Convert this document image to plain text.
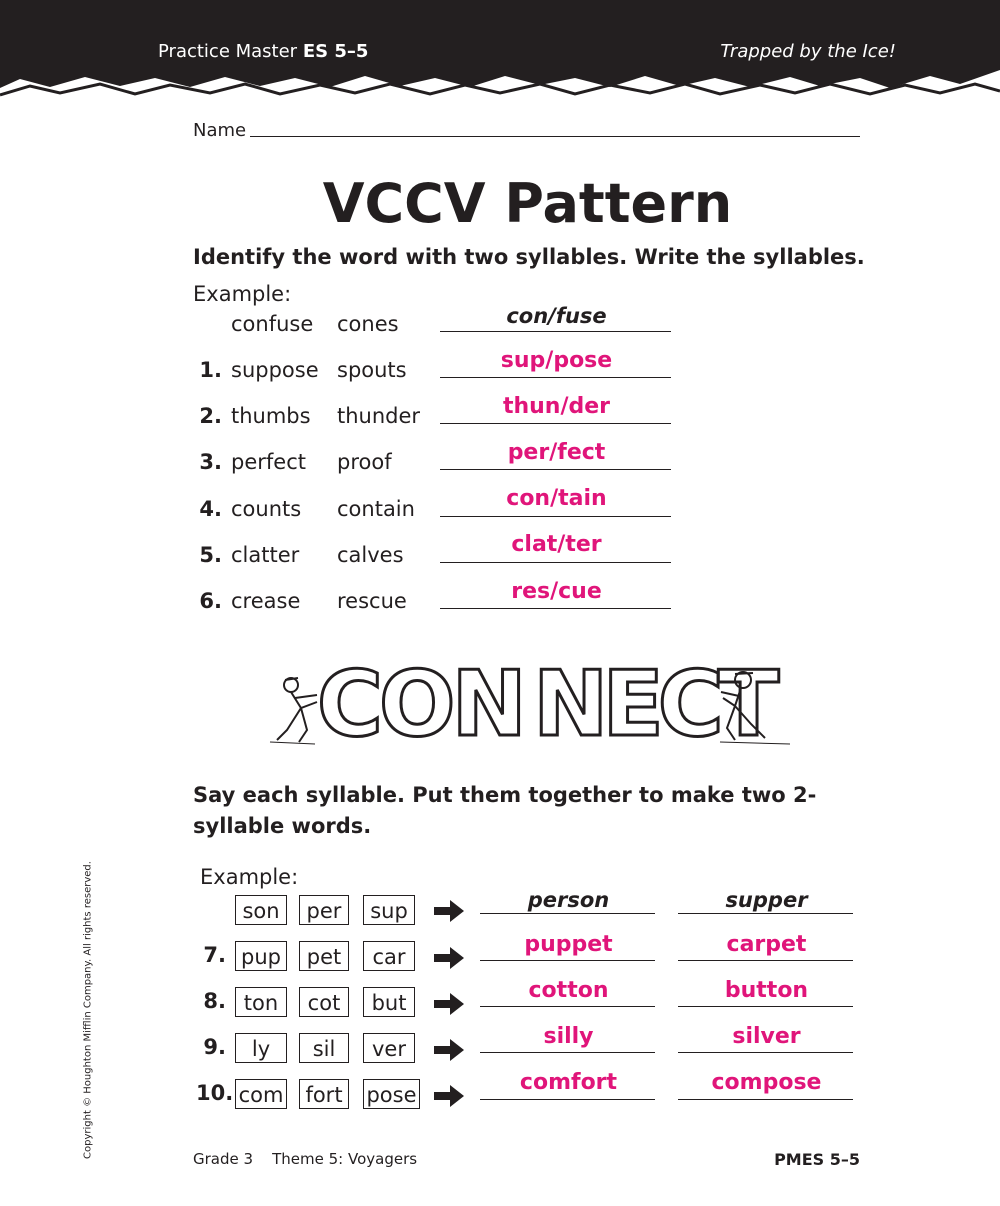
Practice Master ES 5–5	Trapped by the Ice!
Name
VCCV Pattern
Identify the word with two syllables. Write the syllables.
Example:
confuse cones	con/fuse
1. suppose spouts	sup/pose
2. thumbs thunder	thun/der
3. perfect proof	per/fect
4. counts contain	con/tain
5. clatter calves	clat/ter
6. crease rescue	res/cue
CON NECT
Say each syllable. Put them together to make two 2-syllable words.
Example:
son	per	sup	person	supper
7. pup	pet	car	puppet	carpet
8. ton	cot	but	cotton	button
9.	ly	sil	ver	silly	silver
10. com	fort	pose	comfort	compose
Copyright © Houghton Mifflin Company. All rights reserved.
Grade 3 Theme 5: Voyagers	PMES 5–5
